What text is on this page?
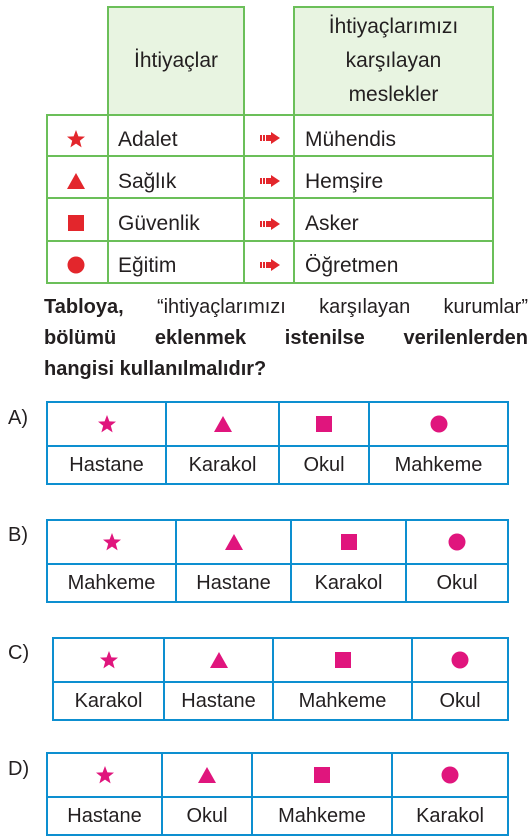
İhtiyaçlar
İhtiyaçlarımızı
karşılayan
meslekler
Adalet	Mühendis
Sağlık	Hemşire
Güvenlik	Asker
Eğitim	Öğretmen
Tabloya, “ihtiyaçlarımızı karşılayan kurumlar”
bölümü eklenmek istenilse verilenlerden
hangisi kullanılmalıdır?
A)
Hastane	Karakol	Okul	Mahkeme
B)
Mahkeme	Hastane	Karakol	Okul
C)
Karakol	Hastane	Mahkeme	Okul
D)
Hastane	Okul	Mahkeme	Karakol
